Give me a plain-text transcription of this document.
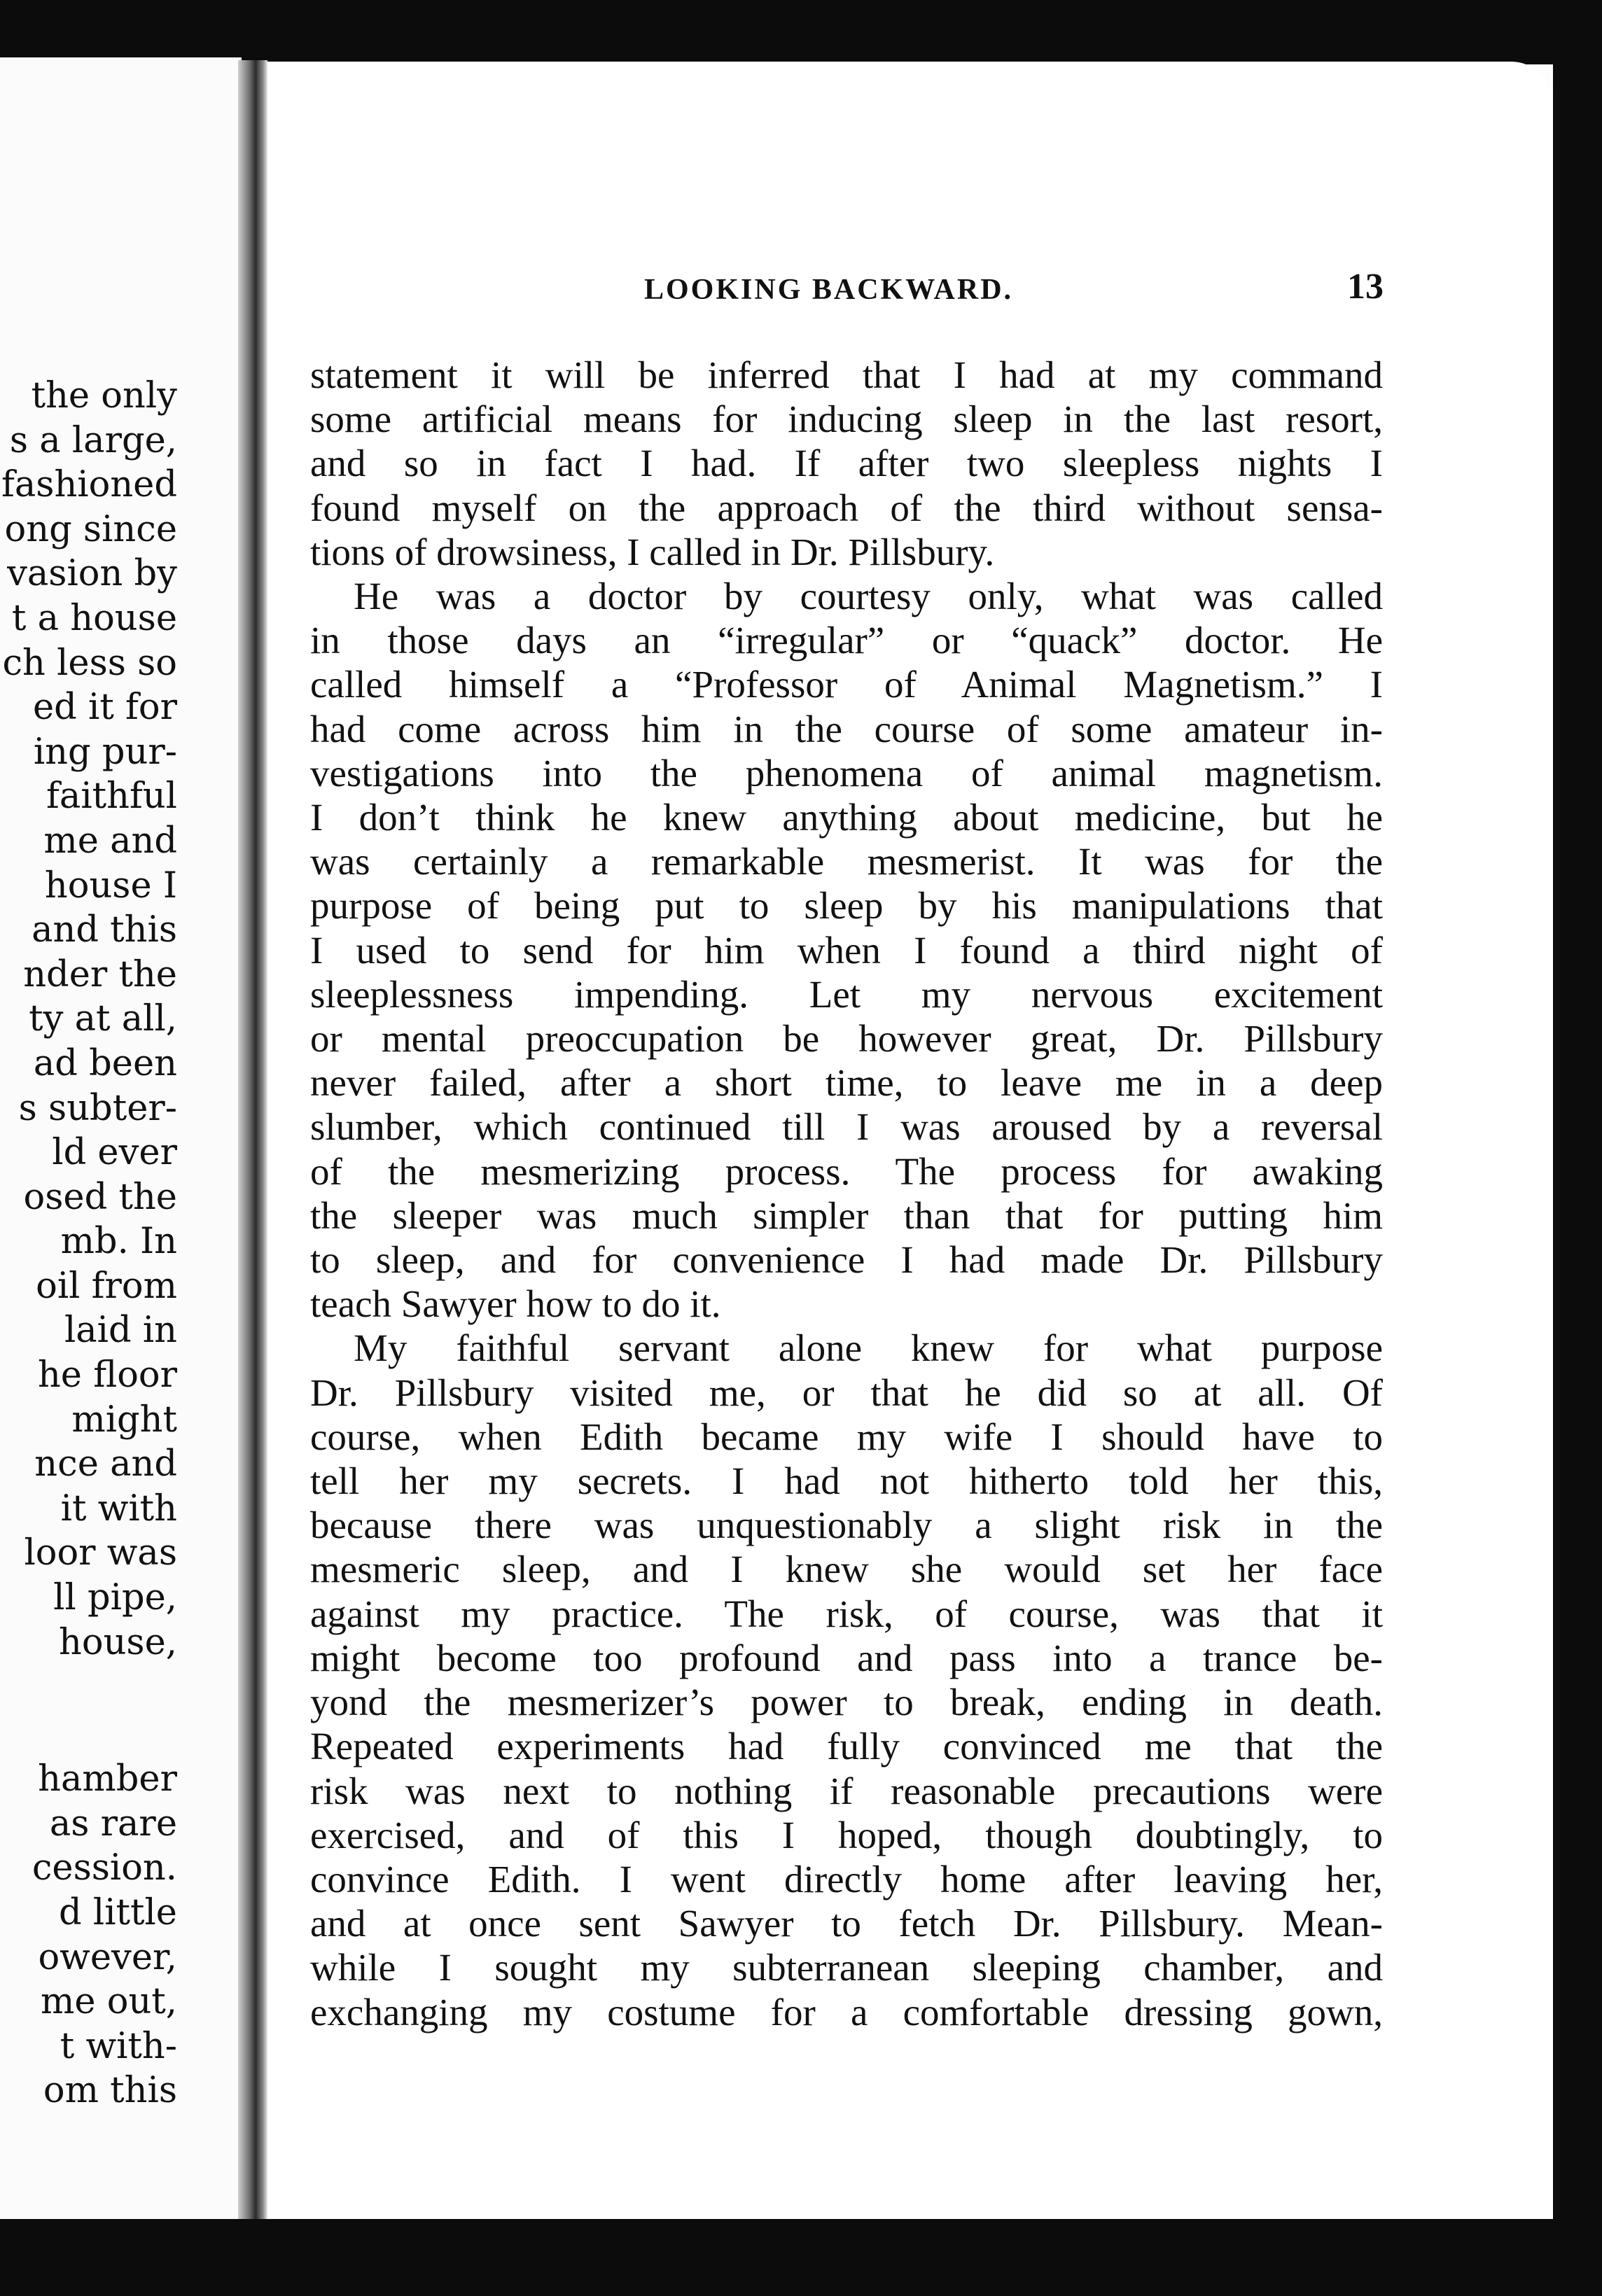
the only
s a large,
fashioned
ong since
vasion by
t a house
ch less so
ed it for
ing pur-
faithful
me and
house I
and this
nder the
ty at all,
ad been
s subter-
ld ever
osed the
mb. In
oil from
laid in
he floor
might
nce and
it with
loor was
ll pipe,
house,
hamber
as rare
cession.
d little
owever,
me out,
t with-
om this
LOOKING BACKWARD.	13
statement it will be inferred that I had at my command
some artificial means for inducing sleep in the last resort,
and so in fact I had. If after two sleepless nights I
found myself on the approach of the third without sensa-
tions of drowsiness, I called in Dr. Pillsbury.
He was a doctor by courtesy only, what was called
in those days an “irregular” or “quack” doctor. He
called himself a “Professor of Animal Magnetism.” I
had come across him in the course of some amateur in-
vestigations into the phenomena of animal magnetism.
I don’t think he knew anything about medicine, but he
was certainly a remarkable mesmerist. It was for the
purpose of being put to sleep by his manipulations that
I used to send for him when I found a third night of
sleeplessness impending. Let my nervous excitement
or mental preoccupation be however great, Dr. Pillsbury
never failed, after a short time, to leave me in a deep
slumber, which continued till I was aroused by a reversal
of the mesmerizing process. The process for awaking
the sleeper was much simpler than that for putting him
to sleep, and for convenience I had made Dr. Pillsbury
teach Sawyer how to do it.
My faithful servant alone knew for what purpose
Dr. Pillsbury visited me, or that he did so at all. Of
course, when Edith became my wife I should have to
tell her my secrets. I had not hitherto told her this,
because there was unquestionably a slight risk in the
mesmeric sleep, and I knew she would set her face
against my practice. The risk, of course, was that it
might become too profound and pass into a trance be-
yond the mesmerizer’s power to break, ending in death.
Repeated experiments had fully convinced me that the
risk was next to nothing if reasonable precautions were
exercised, and of this I hoped, though doubtingly, to
convince Edith. I went directly home after leaving her,
and at once sent Sawyer to fetch Dr. Pillsbury. Mean-
while I sought my subterranean sleeping chamber, and
exchanging my costume for a comfortable dressing gown,
